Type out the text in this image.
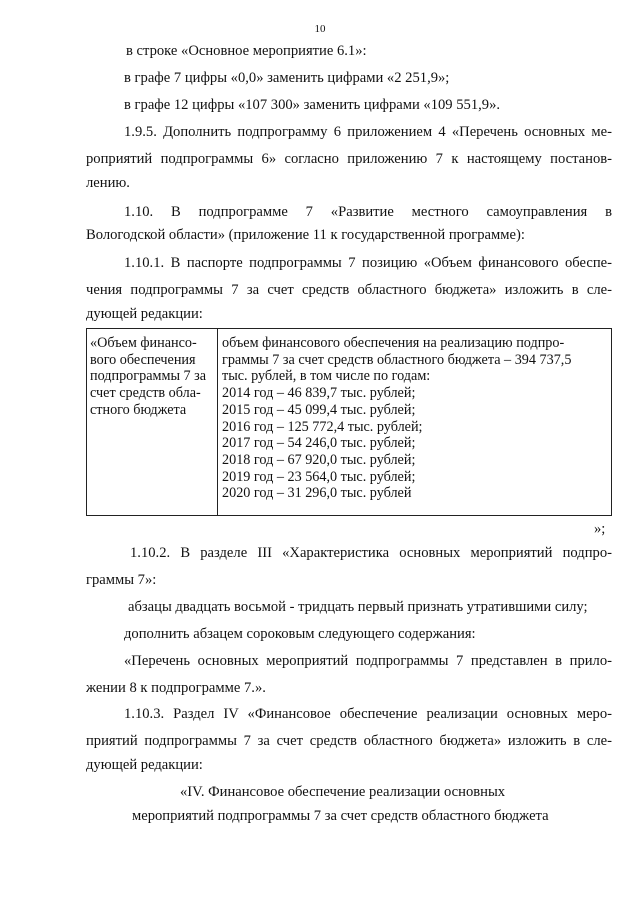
10
в строке «Основное мероприятие 6.1»:
в графе 7 цифры «0,0» заменить цифрами «2 251,9»;
в графе 12 цифры «107 300» заменить цифрами «109 551,9».
1.9.5. Дополнить подпрограмму 6 приложением 4 «Перечень основных ме-
роприятий подпрограммы 6» согласно приложению 7 к настоящему постанов-
лению.
1.10. В подпрограмме 7 «Развитие местного самоуправления в
Вологодской области» (приложение 11 к государственной программе):
1.10.1. В паспорте подпрограммы 7 позицию «Объем финансового обеспе-
чения подпрограммы 7 за счет средств областного бюджета» изложить в сле-
дующей редакции:
«Объем финансо-
вого обеспечения
подпрограммы 7 за
счет средств обла-
стного бюджета
объем финансового обеспечения на реализацию подпро-
граммы 7 за счет средств областного бюджета – 394 737,5
тыс. рублей, в том числе по годам:
2014 год – 46 839,7 тыс. рублей;
2015 год – 45 099,4 тыс. рублей;
2016 год – 125 772,4 тыс. рублей;
2017 год – 54 246,0 тыс. рублей;
2018 год – 67 920,0 тыс. рублей;
2019 год – 23 564,0 тыс. рублей;
2020 год – 31 296,0 тыс. рублей
»;
1.10.2. В разделе III «Характеристика основных мероприятий подпро-
граммы 7»:
абзацы двадцать восьмой - тридцать первый признать утратившими силу;
дополнить абзацем сороковым следующего содержания:
«Перечень основных мероприятий подпрограммы 7 представлен в прило-
жении 8 к подпрограмме 7.».
1.10.3. Раздел IV «Финансовое обеспечение реализации основных меро-
приятий подпрограммы 7 за счет средств областного бюджета» изложить в сле-
дующей редакции:
«IV. Финансовое обеспечение реализации основных
мероприятий подпрограммы 7 за счет средств областного бюджета
